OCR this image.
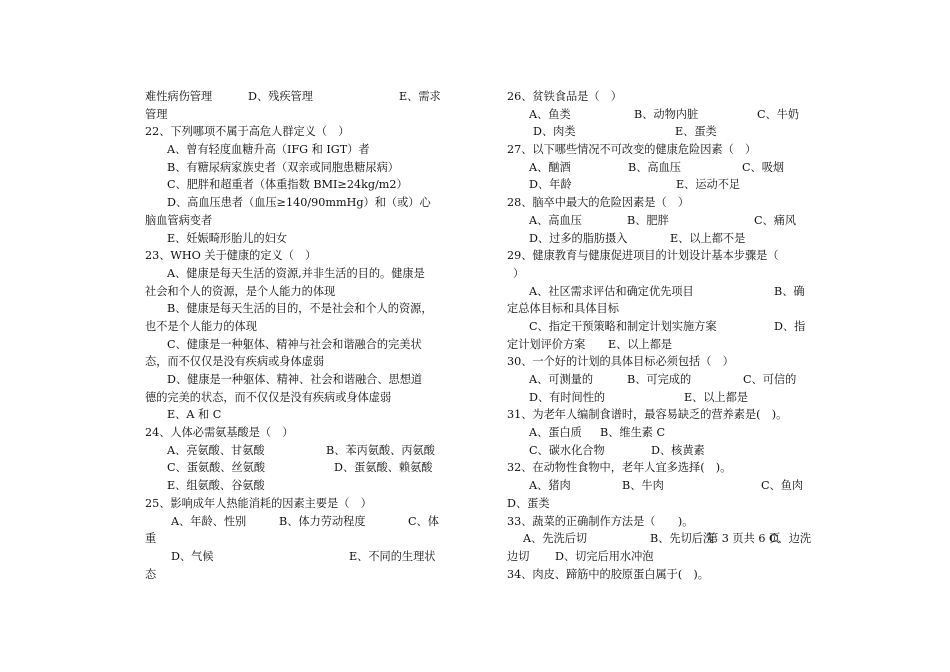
难性病伤管理	D、残疾管理	E、需求
管理
22、下列哪项不属于高危人群定义（　）
A、曾有轻度血糖升高（IFG 和 IGT）者
B、有糖尿病家族史者（双亲或同胞患糖尿病）
C、肥胖和超重者（体重指数 BMI≥24kg/m2）
D、高血压患者（血压≥140/90mmHg）和（或）心
脑血管病变者
E、妊娠畸形胎儿的妇女
23、WHO 关于健康的定义（　）
A、健康是每天生活的资源,并非生活的目的。健康是
社会和个人的资源，是个人能力的体现
B、健康是每天生活的目的，不是社会和个人的资源，
也不是个人能力的体现
C、健康是一种躯体、精神与社会和谐融合的完美状
态，而不仅仅是没有疾病或身体虚弱
D、健康是一种躯体、精神、社会和谐融合、思想道
德的完美的状态，而不仅仅是没有疾病或身体虚弱
E、A 和 C
24、人体必需氨基酸是（　）
A、亮氨酸、甘氨酸	B、苯丙氨酸、丙氨酸
C、蛋氨酸、丝氨酸	D、蛋氨酸、赖氨酸
E、组氨酸、谷氨酸
25、影响成年人热能消耗的因素主要是（　）
A、年龄、性别	B、体力劳动程度	C、体
重
D、气候	E、不同的生理状
态
26、贫铁食品是（　）
A、鱼类	B、动物内脏	C、牛奶
D、肉类	E、蛋类
27、以下哪些情况不可改变的健康危险因素（　）
A、酗酒	B、高血压	C、吸烟
D、年龄	E、运动不足
28、脑卒中最大的危险因素是（　）
A、高血压	B、肥胖	C、痛风
D、过多的脂肪摄入	E、以上都不是
29、健康教育与健康促进项目的计划设计基本步骤是（
）
A、社区需求评估和确定优先项目	B、确
定总体目标和具体目标
C、指定干预策略和制定计划实施方案	D、指
定计划评价方案 E、以上都是
30、一个好的计划的具体目标必须包括（　）
A、可测量的	B、可完成的	C、可信的
D、有时间性的	E、以上都是
31、为老年人编制食谱时，最容易缺乏的营养素是(　)。
A、蛋白质 B、维生素 C
C、碳水化合物	D、核黄素
32、在动物性食物中，老年人宜多选择(　)。
A、猪肉	B、牛肉	C、鱼肉
D、蛋类
33、蔬菜的正确制作方法是（　　)。
A、先洗后切	B、先切后洗	C、边洗
边切 D、切完后用水冲泡
34、肉皮、蹄筋中的胶原蛋白属于(　)。
第 3 页共 6 页
